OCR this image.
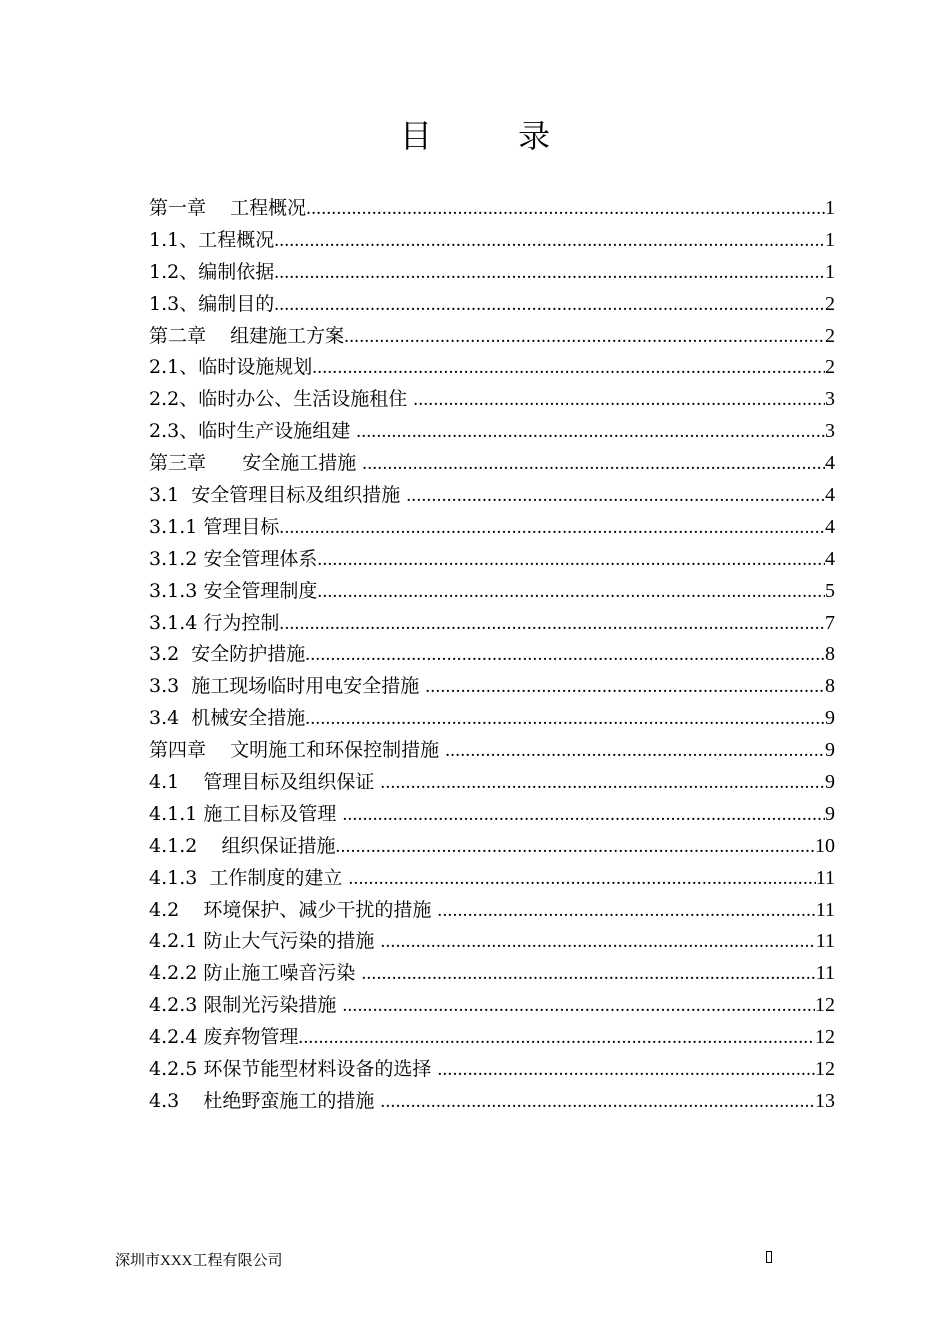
目 录
第一章    工程概况 .....	1
1.1、工程概况 .....	1
1.2、编制依据 .....	1
1.3、编制目的 .....	2
第二章    组建施工方案 .....	2
2.1、临时设施规划 .....	2
2.2、临时办公、生活设施租住 .....	3
2.3、临时生产设施组建 .....	3
第三章      安全施工措施 .....	4
3.1  安全管理目标及组织措施 .....	4
3.1.1 管理目标 .....	4
3.1.2 安全管理体系 .....	4
3.1.3 安全管理制度 .....	5
3.1.4 行为控制 .....	7
3.2  安全防护措施 .....	8
3.3  施工现场临时用电安全措施 .....	8
3.4  机械安全措施 .....	9
第四章    文明施工和环保控制措施 .....	9
4.1    管理目标及组织保证 .....	9
4.1.1 施工目标及管理 .....	9
4.1.2    组织保证措施 .....	10
4.1.3  工作制度的建立 .....	11
4.2    环境保护、减少干扰的措施 .....	11
4.2.1 防止大气污染的措施 .....	11
4.2.2 防止施工噪音污染 .....	11
4.2.3 限制光污染措施 .....	12
4.2.4 废弃物管理 .....	12
4.2.5 环保节能型材料设备的选择 .....	12
4.3    杜绝野蛮施工的措施 .....	13
深圳市XXX工程有限公司
